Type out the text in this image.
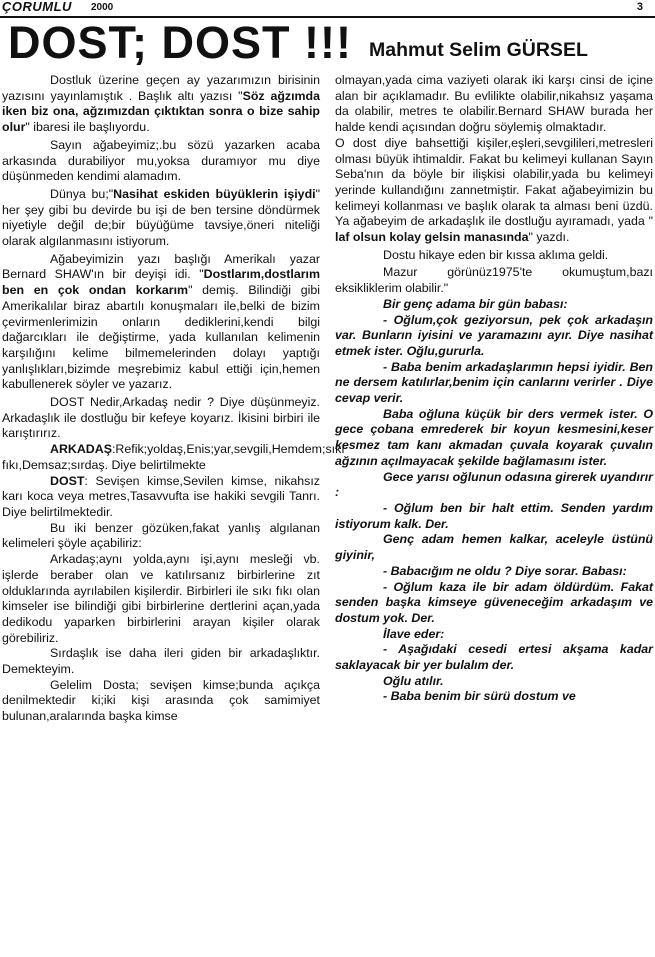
ÇORUMLU 2000	3
DOST; DOST !!! Mahmut Selim GÜRSEL

Dostluk üzerine geçen ay yazarımızın birisinin yazısını yayınlamıştık . Başlık altı yazısı "Söz ağzımda iken biz ona, ağzımızdan çıktıktan sonra o bize sahip olur" ibaresi ile başlıyordu.

Sayın ağabeyimiz;.bu sözü yazarken acaba arkasında durabiliyor mu,yoksa duramıyor mu diye düşünmeden kendimi alamadım.

Dünya bu;"Nasihat eskiden büyüklerin işiydi" her şey gibi bu devirde bu işi de ben tersine döndürmek niyetiyle değil de;bir büyüğüme tavsiye,öneri niteliği olarak algılanmasını istiyorum.

Ağabeyimizin yazı başlığı Amerikalı yazar Bernard SHAW'ın bir deyişi idi. "Dostlarım,dostlarım ben en çok ondan korkarım" demiş. Bilindiği gibi Amerikalılar biraz abartılı konuşmaları ile,belki de bizim çevirmenlerimizin onların dediklerini,kendi bilgi dağarcıkları ile değiştirme, yada kullanılan kelimenin karşılığını kelime bilmemelerinden dolayı yaptığı yanlışlıkları,bizimde meşrebimiz kabul ettiği için,hemen kabullenerek söyler ve yazarız.

DOST Nedir,Arkadaş nedir ? Diye düşünmeyiz. Arkadaşlık ile dostluğu bir kefeye koyarız. İkisini birbiri ile karıştırırız.

ARKADAŞ:Refik;yoldaş,Enis;yar,sevgili,Hemdem;sıkı fıkı,Demsaz;sırdaş. Diye belirtilmekte

DOST: Sevişen kimse,Sevilen kimse, nikahsız karı koca veya metres,Tasavvufta ise hakiki sevgili Tanrı. Diye belirtilmektedir.

Bu iki benzer gözüken,fakat yanlış algılanan kelimeleri şöyle açabiliriz:

Arkadaş;aynı yolda,aynı işi,aynı mesleği vb. işlerde beraber olan ve katılırsanız birbirlerine zıt olduklarında ayrılabilen kişilerdir. Birbirleri ile sıkı fıkı olan kimseler ise bilindiği gibi birbirlerine dertlerini açan,yada dedikodu yaparken birbirlerini arayan kişiler olarak görebiliriz.

Sırdaşlık ise daha ileri giden bir arkadaşlıktır. Demekteyim.

Gelelim Dosta; sevişen kimse;bunda açıkça denilmektedir ki;iki kişi arasında çok samimiyet bulunan,aralarında başka kimse

olmayan,yada cima vaziyeti olarak iki karşı cinsi de içine alan bir açıklamadır. Bu evlilikte olabilir,nikahsız yaşama da olabilir, metres te olabilir.Bernard SHAW burada her halde kendi açısından doğru söylemiş olmaktadır.

O dost diye bahsettiği kişiler,eşleri,sevgilileri,metresleri olması büyük ihtimaldir. Fakat bu kelimeyi kullanan Sayın Seba'nın da böyle bir ilişkisi olabilir,yada bu kelimeyi yerinde kullandığını zannetmiştir. Fakat ağabeyimizin bu kelimeyi kollanması ve başlık olarak ta alması beni üzdü. Ya ağabeyim de arkadaşlık ile dostluğu ayıramadı, yada "

laf olsun kolay gelsin manasında" yazdı.

Dostu hikaye eden bir kıssa aklıma geldi.

Mazur görünüz1975'te okumuştum,bazı eksikliklerim olabilir."

Bir genç adama bir gün babası:

- Oğlum,çok geziyorsun, pek çok arkadaşın var. Bunların iyisini ve yaramazını ayır. Diye nasihat etmek ister. Oğlu,gururla.

- Baba benim arkadaşlarımın hepsi iyidir. Ben ne dersem katılırlar,benim için canlarını verirler . Diye cevap verir.

Baba oğluna küçük bir ders vermek ister. O gece çobana emrederek bir koyun kesmesini,keser kesmez tam kanı akmadan çuvala koyarak çuvalın ağzının açılmayacak şekilde bağlamasını ister.

Gece yarısı oğlunun odasına girerek uyandırır :

- Oğlum ben bir halt ettim. Senden yardım istiyorum kalk. Der.

Genç adam hemen kalkar, aceleyle üstünü giyinir,

- Babacığım ne oldu ? Diye sorar. Babası:

- Oğlum kaza ile bir adam öldürdüm. Fakat senden başka kimseye güveneceğim arkadaşım ve dostum yok. Der.

İlave eder:

- Aşağıdaki cesedi ertesi akşama kadar saklayacak bir yer bulalım der.

Oğlu atılır.

- Baba benim bir sürü dostum ve
